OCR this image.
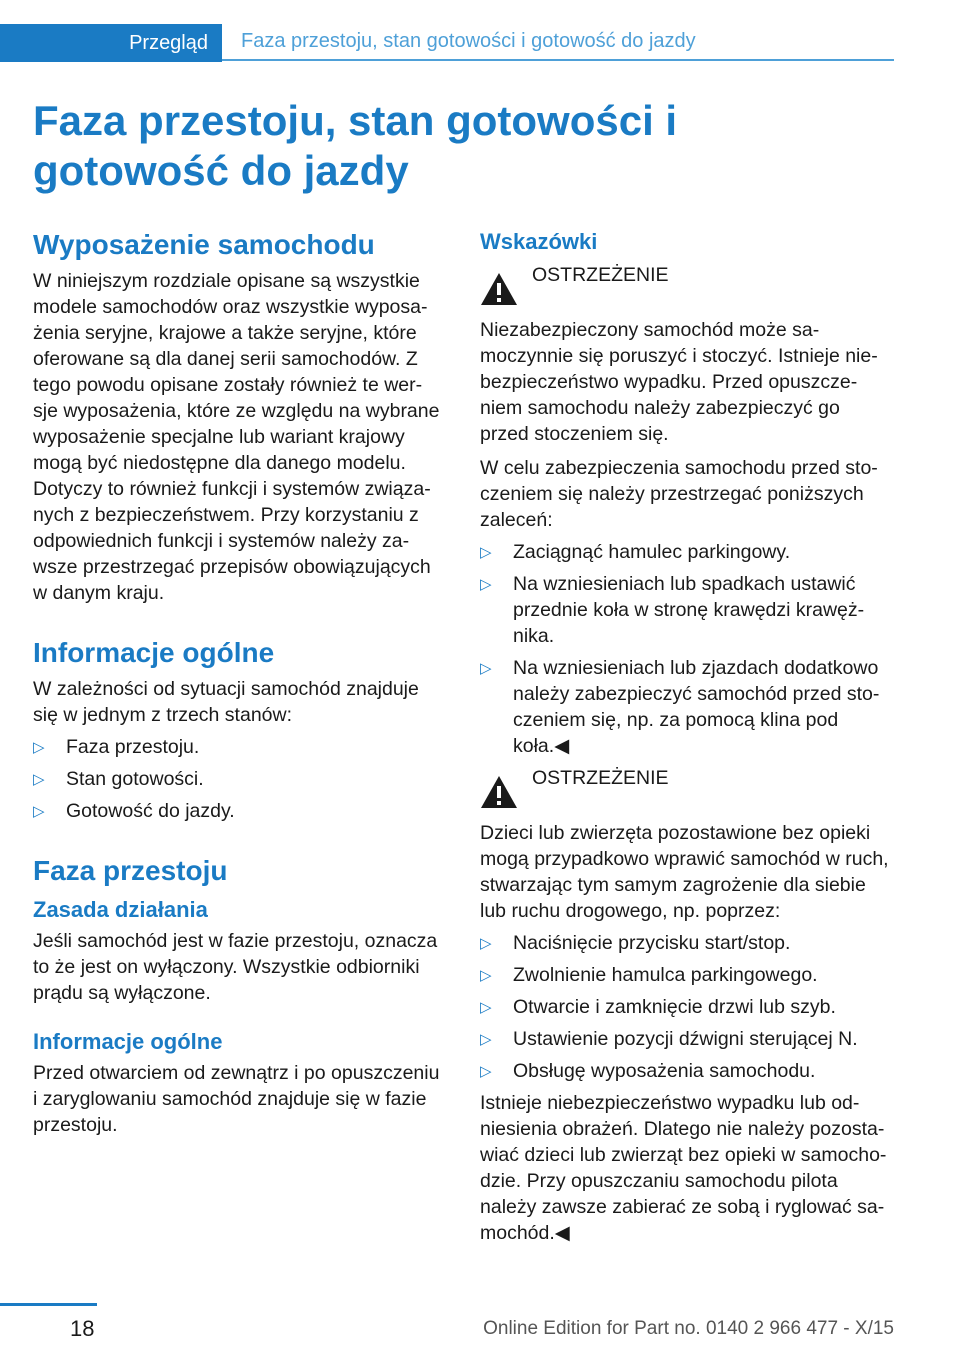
Przegląd Faza przestoju, stan gotowości i gotowość do jazdy
Faza przestoju, stan gotowości i gotowość do jazdy
Wyposażenie samochodu

W niniejszym rozdziale opisane są wszystkie modele samochodów oraz wszystkie wyposa‐ żenia seryjne, krajowe a także seryjne, które oferowane są dla danej serii samochodów. Z tego powodu opisane zostały również te wer‐ sje wyposażenia, które ze względu na wybrane wyposażenie specjalne lub wariant krajowy mogą być niedostępne dla danego modelu. Dotyczy to również funkcji i systemów związa‐ nych z bezpieczeństwem. Przy korzystaniu z odpowiednich funkcji i systemów należy za‐ wsze przestrzegać przepisów obowiązujących w danym kraju.

Informacje ogólne

W zależności od sytuacji samochód znajduje się w jednym z trzech stanów:

▷ Faza przestoju.
▷ Stan gotowości.
▷ Gotowość do jazdy.
Faza przestoju
Zasada działania

Jeśli samochód jest w fazie przestoju, oznacza to że jest on wyłączony. Wszystkie odbiorniki prądu są wyłączone.

Informacje ogólne

Przed otwarciem od zewnątrz i po opuszczeniu i zaryglowaniu samochód znajduje się w fazie przestoju.

Wskazówki

OSTRZEŻENIE

Niezabezpieczony samochód może sa‐ moczynnie się poruszyć i stoczyć. Istnieje nie‐ bezpieczeństwo wypadku. Przed opuszcze‐ niem samochodu należy zabezpieczyć go przed stoczeniem się.

W celu zabezpieczenia samochodu przed sto‐ czeniem się należy przestrzegać poniższych zaleceń:

▷ Zaciągnąć hamulec parkingowy.
▷ Na wzniesieniach lub spadkach ustawić przednie koła w stronę krawędzi krawęż‐ nika.
▷ Na wzniesieniach lub zjazdach dodatkowo należy zabezpieczyć samochód przed sto‐ czeniem się, np. za pomocą klina pod koła.◀

OSTRZEŻENIE

Dzieci lub zwierzęta pozostawione bez opieki mogą przypadkowo wprawić samochód w ruch, stwarzając tym samym zagrożenie dla siebie lub ruchu drogowego, np. poprzez:

▷ Naciśnięcie przycisku start/stop.
▷ Zwolnienie hamulca parkingowego.
▷ Otwarcie i zamknięcie drzwi lub szyb.
▷ Ustawienie pozycji dźwigni sterującej N.
▷ Obsługę wyposażenia samochodu.

Istnieje niebezpieczeństwo wypadku lub od‐ niesienia obrażeń. Dlatego nie należy pozosta‐ wiać dzieci lub zwierząt bez opieki w samocho‐ dzie. Przy opuszczaniu samochodu pilota należy zawsze zabierać ze sobą i ryglować sa‐ mochód.◀

18	Online Edition for Part no. 0140 2 966 477 - X/15
